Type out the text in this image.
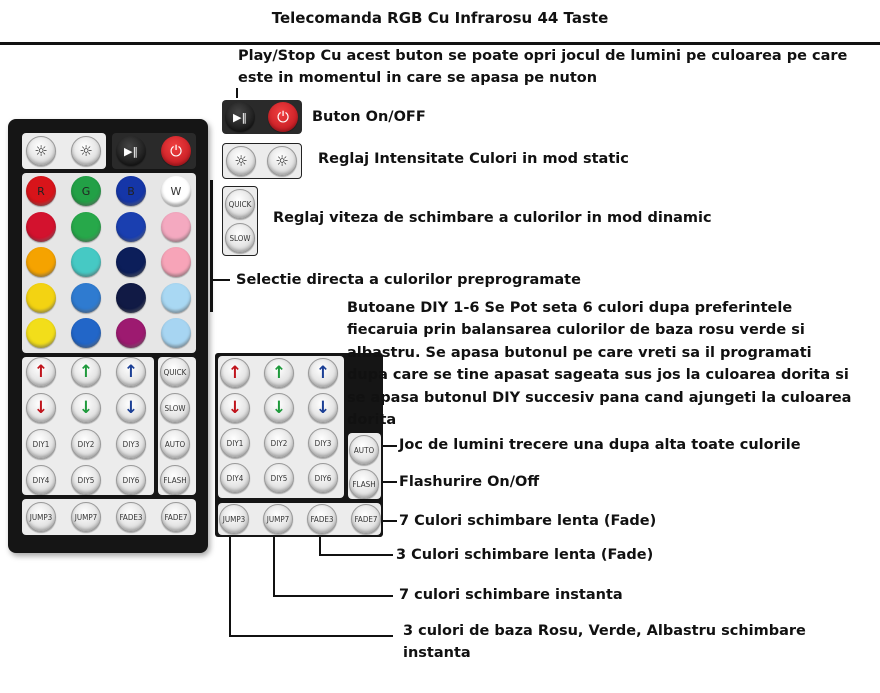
Telecomanda RGB Cu Infrarosu 44 Taste
☼ ☼	▶‖ ⏻
R	G	B	W
↑
↓
↑
↓
↑
↓
DIY1	DIY2	DIY3
DIY4	DIY5	DIY6
QUICK
SLOW
AUTO
FLASH
JUMP3	JUMP7	FADE3	FADE7
▶‖ ⏻
☼ ☼
QUICK
SLOW
↑
↓
↑
↓
↑
↓
DIY1	DIY2	DIY3
DIY4	DIY5	DIY6
AUTO
FLASH
JUMP3	JUMP7	FADE3	FADE7
Play/Stop Cu acest buton se poate opri jocul de lumini pe culoarea pe care este in momentul in care se apasa pe nuton
Buton On/OFF
Reglaj Intensitate Culori in mod static
Reglaj viteza de schimbare a culorilor in mod dinamic
Selectie directa a culorilor preprogramate
Butoane DIY 1-6 Se Pot seta 6 culori dupa preferintele fiecaruia prin balansarea culorilor de baza rosu verde si albastru. Se apasa butonul pe care vreti sa il programati dupa care se tine apasat sageata sus jos la culoarea dorita si se apasa butonul DIY succesiv pana cand ajungeti la culoarea dorita
Joc de lumini trecere una dupa alta toate culorile
Flashurire On/Off
7 Culori schimbare lenta (Fade)
3 Culori schimbare lenta (Fade)
7 culori schimbare instanta
3 culori de baza Rosu, Verde, Albastru schimbare instanta
